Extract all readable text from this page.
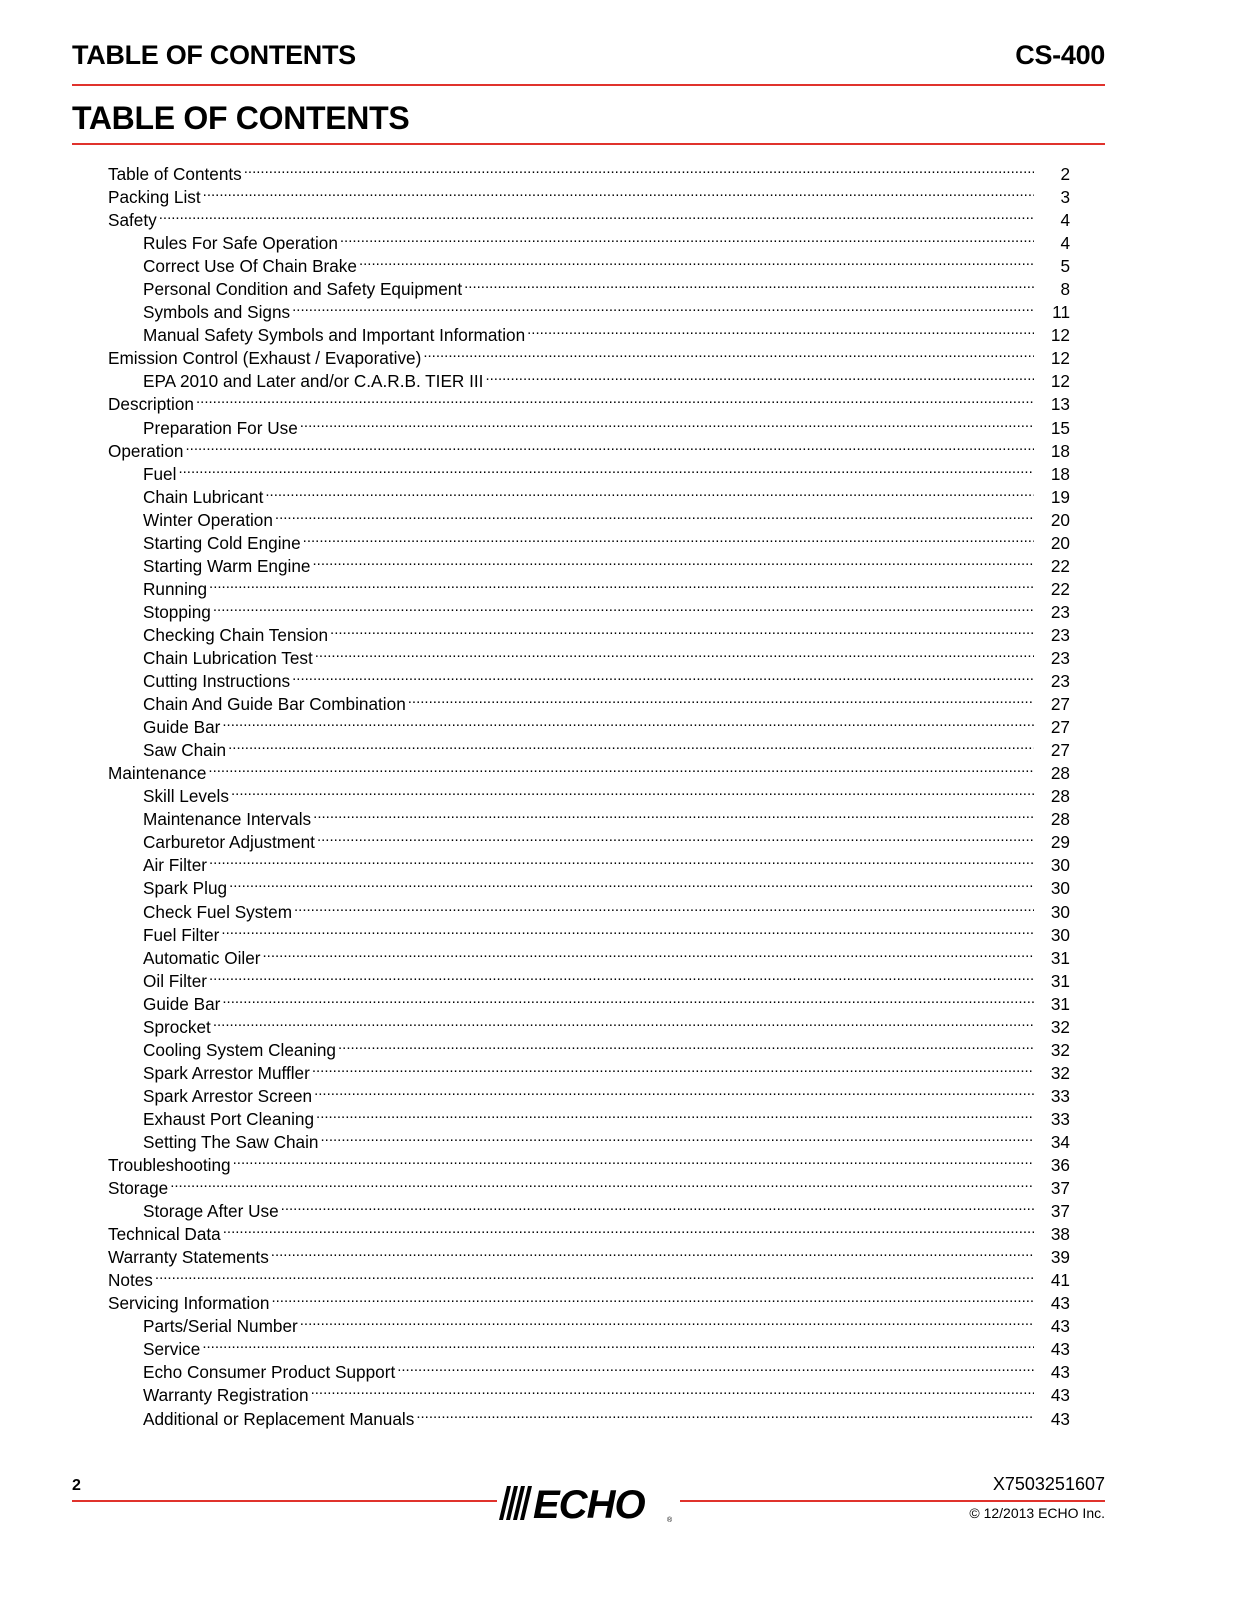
TABLE OF CONTENTS	CS-400
TABLE OF CONTENTS
Table of Contents .....	2
Packing List .....	3
Safety .....	4
Rules For Safe Operation .....	4
Correct Use Of Chain Brake .....	5
Personal Condition and Safety Equipment .....	8
Symbols and Signs .....	11
Manual Safety Symbols and Important Information .....	12
Emission Control (Exhaust / Evaporative) .....	12
EPA 2010 and Later and/or C.A.R.B. TIER III .....	12
Description .....	13
Preparation For Use .....	15
Operation .....	18
Fuel .....	18
Chain Lubricant .....	19
Winter Operation .....	20
Starting Cold Engine .....	20
Starting Warm Engine .....	22
Running .....	22
Stopping .....	23
Checking Chain Tension .....	23
Chain Lubrication Test .....	23
Cutting Instructions .....	23
Chain And Guide Bar Combination .....	27
Guide Bar .....	27
Saw Chain .....	27
Maintenance .....	28
Skill Levels .....	28
Maintenance Intervals .....	28
Carburetor Adjustment .....	29
Air Filter .....	30
Spark Plug .....	30
Check Fuel System .....	30
Fuel Filter .....	30
Automatic Oiler .....	31
Oil Filter .....	31
Guide Bar .....	31
Sprocket .....	32
Cooling System Cleaning .....	32
Spark Arrestor Muffler .....	32
Spark Arrestor Screen .....	33
Exhaust Port Cleaning .....	33
Setting The Saw Chain .....	34
Troubleshooting .....	36
Storage .....	37
Storage After Use .....	37
Technical Data .....	38
Warranty Statements .....	39
Notes .....	41
Servicing Information .....	43
Parts/Serial Number .....	43
Service .....	43
Echo Consumer Product Support .....	43
Warranty Registration .....	43
Additional or Replacement Manuals .....	43
2	ECHO	®
X7503251607
© 12/2013 ECHO Inc.
